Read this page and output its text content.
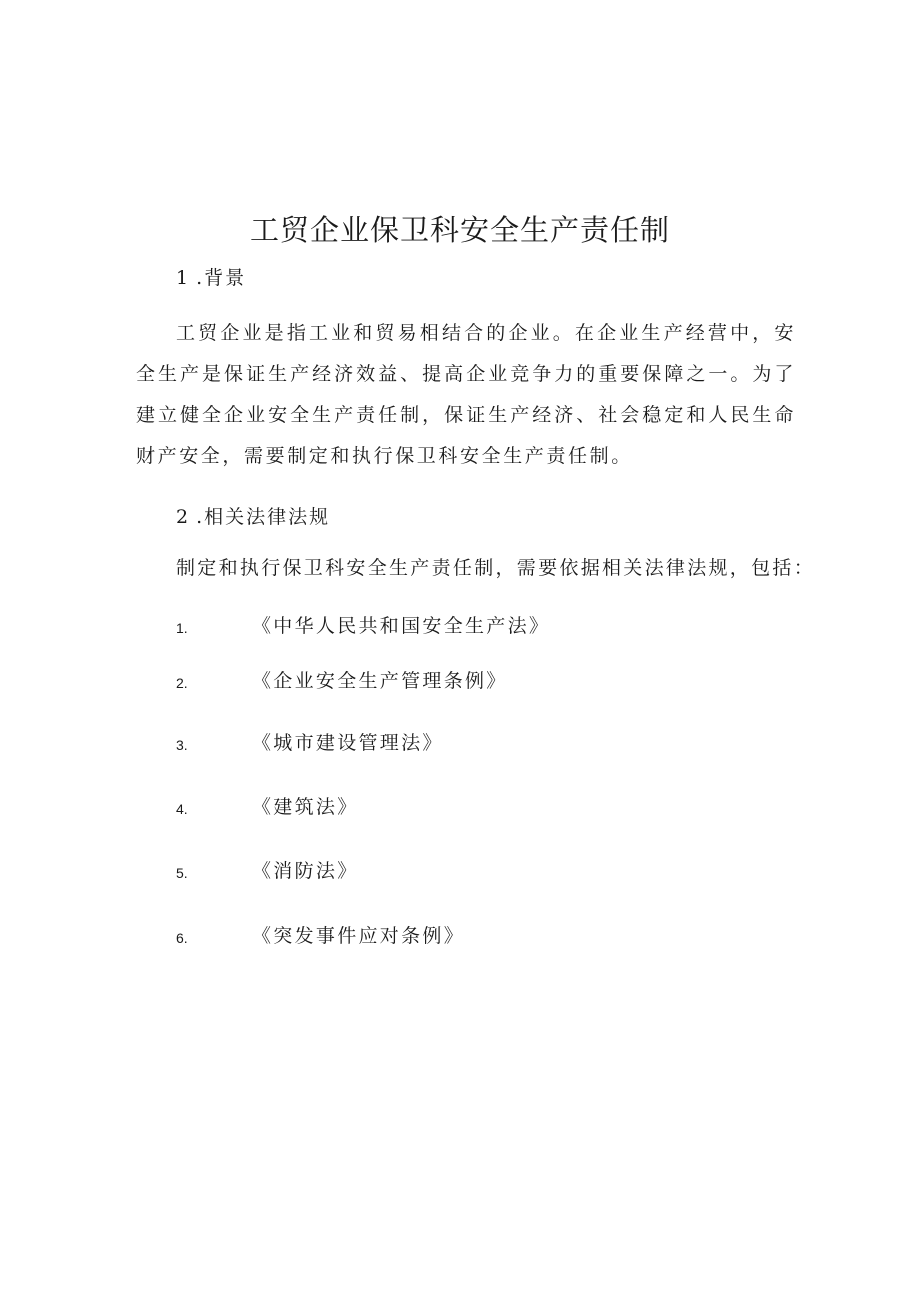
工贸企业保卫科安全生产责任制
1 .背景

工贸企业是指工业和贸易相结合的企业。在企业生产经营中，安全生产是保证生产经济效益、提高企业竞争力的重要保障之一。为了建立健全企业安全生产责任制，保证生产经济、社会稳定和人民生命财产安全，需要制定和执行保卫科安全生产责任制。

2 .相关法律法规

制定和执行保卫科安全生产责任制，需要依据相关法律法规，包括：

1.	《中华人民共和国安全生产法》
2.	《企业安全生产管理条例》
3.	《城市建设管理法》
4.	《建筑法》
5.	《消防法》
6.	《突发事件应对条例》
